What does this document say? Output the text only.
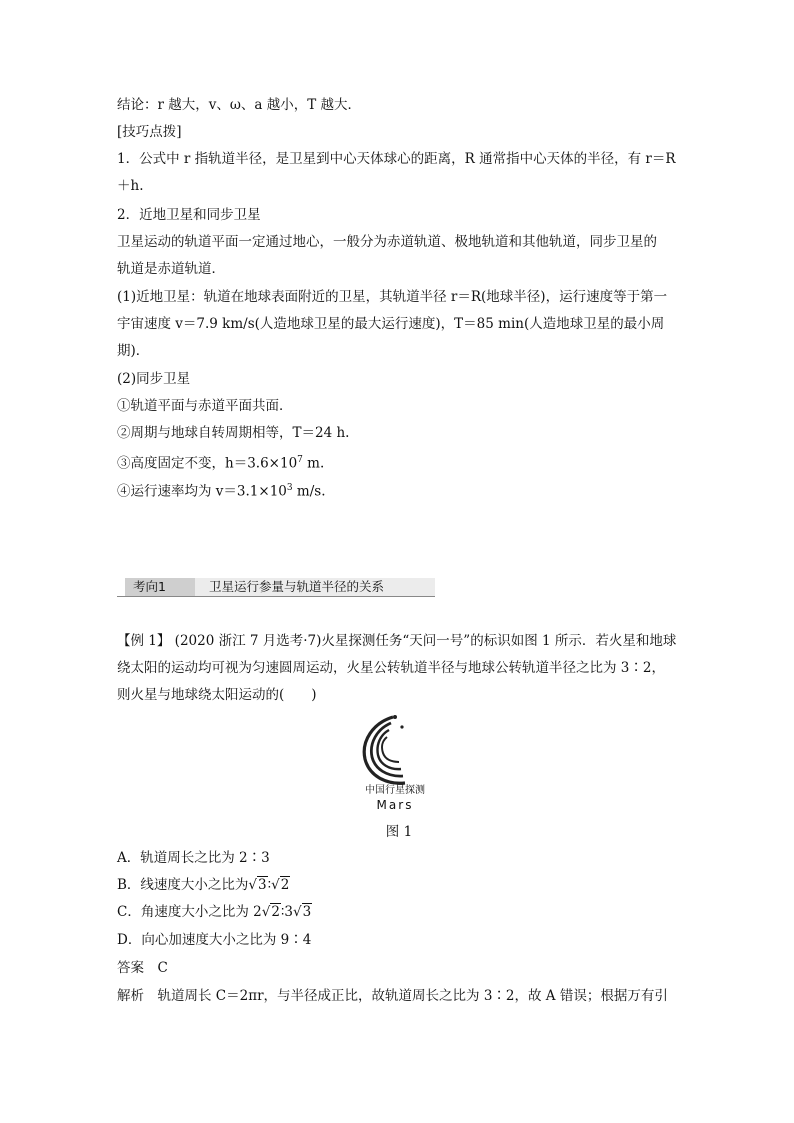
结论：r 越大，v、ω、a 越小，T 越大．
[技巧点拨]
1．公式中 r 指轨道半径，是卫星到中心天体球心的距离，R 通常指中心天体的半径，有 r＝R
＋h.
2．近地卫星和同步卫星
卫星运动的轨道平面一定通过地心，一般分为赤道轨道、极地轨道和其他轨道，同步卫星的
轨道是赤道轨道．
(1)近地卫星：轨道在地球表面附近的卫星，其轨道半径 r＝R(地球半径)，运行速度等于第一
宇宙速度 v＝7.9 km/s(人造地球卫星的最大运行速度)，T＝85 min(人造地球卫星的最小周
期)．
(2)同步卫星
①轨道平面与赤道平面共面．
②周期与地球自转周期相等，T＝24 h.
③高度固定不变，$h=3.6\times 10^7$ m.
④运行速率均为 $v=3.1\times 10^3$ m/s.
考向1	卫星运行参量与轨道半径的关系
【例 1】 (2020 浙江 7 月选考·7)火星探测任务“天问一号”的标识如图 1 所示．若火星和地球
绕太阳的运动均可视为匀速圆周运动，火星公转轨道半径与地球公转轨道半径之比为 3∶2，
则火星与地球绕太阳运动的(　　)
中国行星探测
Mars
图 1
A．轨道周长之比为 2∶3
B．线速度大小之比为√3∶√2
C．角速度大小之比为 2√2∶3√3
D．向心加速度大小之比为 9∶4
答案　C
解析　轨道周长 C＝2πr，与半径成正比，故轨道周长之比为 3∶2，故 A 错误；根据万有引
